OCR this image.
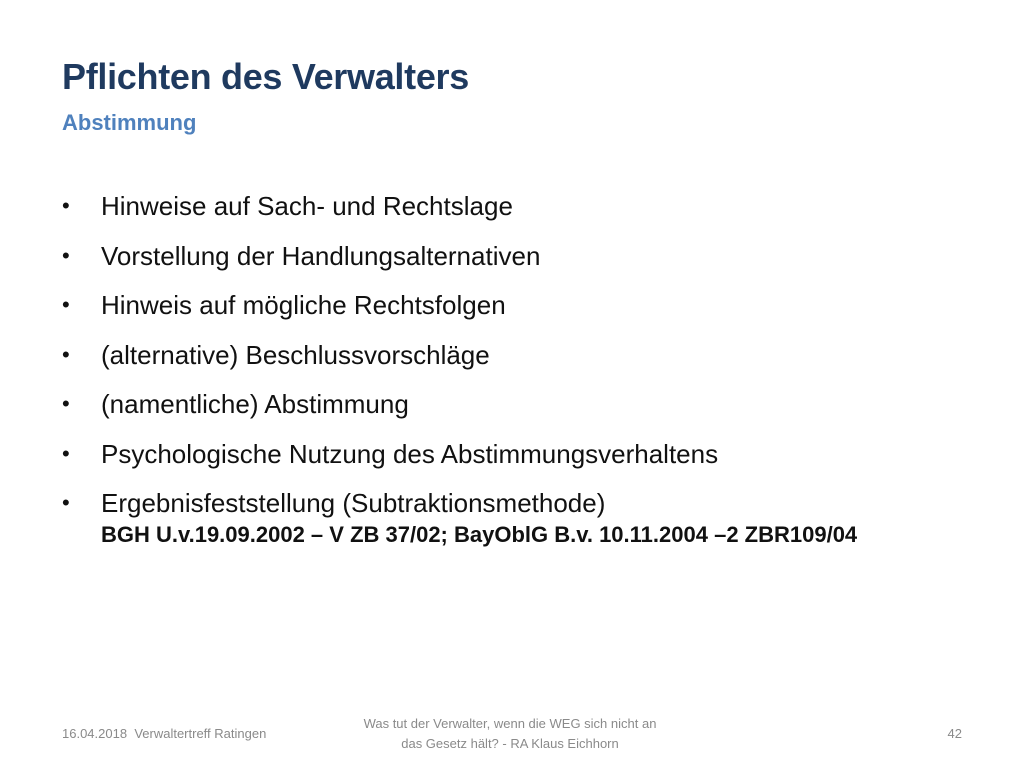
Pflichten des Verwalters
Abstimmung
• Hinweise auf Sach- und Rechtslage
• Vorstellung der Handlungsalternativen
• Hinweis auf mögliche Rechtsfolgen
• (alternative) Beschlussvorschläge
• (namentliche) Abstimmung
• Psychologische Nutzung des Abstimmungsverhaltens
• Ergebnisfeststellung (Subtraktionsmethode)
BGH U.v.19.09.2002 – V ZB 37/02; BayOblG B.v. 10.11.2004 –2 ZBR109/04
16.04.2018 Verwaltertreff Ratingen
Was tut der Verwalter, wenn die WEG sich nicht an
das Gesetz hält? - RA Klaus Eichhorn
42
